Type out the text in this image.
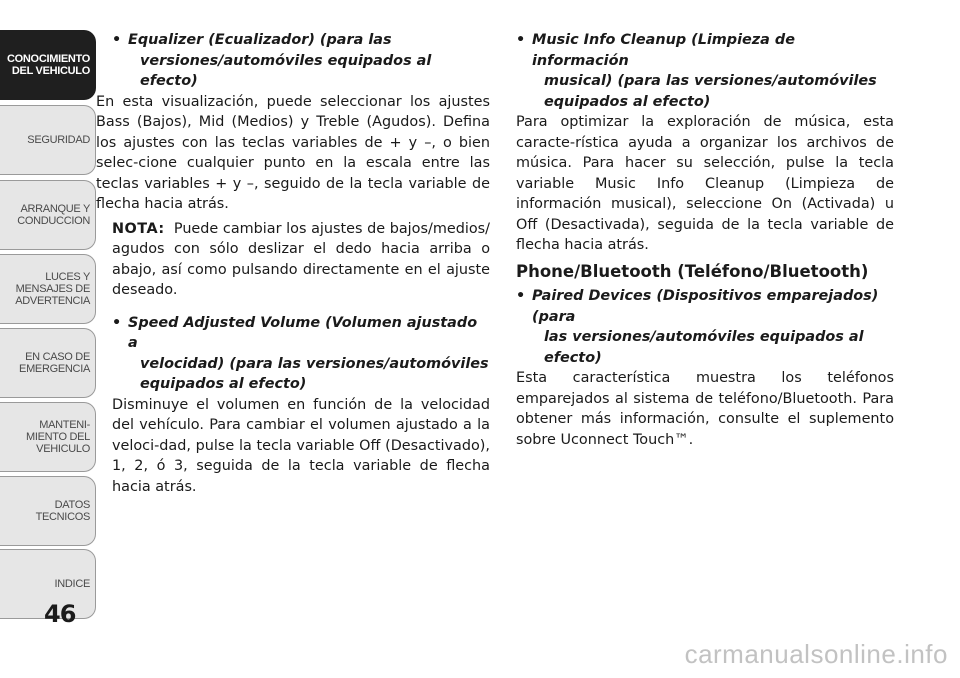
CONOCIMIENTO
DEL VEHICULO
SEGURIDAD
ARRANQUE Y
CONDUCCION
LUCES Y
MENSAJES DE
ADVERTENCIA
EN CASO DE
EMERGENCIA
MANTENI-
MIENTO DEL
VEHICULO
DATOS
TECNICOS
INDICE
46
• Equalizer (Ecualizador) (para las
versiones/automóviles equipados al efecto)

En esta visualización, puede seleccionar los ajustes Bass (Bajos), Mid (Medios) y Treble (Agudos). Defina los ajustes con las teclas variables de + y –, o bien selec-cione cualquier punto en la escala entre las teclas variables + y –, seguido de la tecla variable de flecha hacia atrás.

NOTA: Puede cambiar los ajustes de bajos/medios/ agudos con sólo deslizar el dedo hacia arriba o abajo, así como pulsando directamente en el ajuste deseado.

• Speed Adjusted Volume (Volumen ajustado a
velocidad) (para las versiones/automóviles
equipados al efecto)

Disminuye el volumen en función de la velocidad del vehículo. Para cambiar el volumen ajustado a la veloci-dad, pulse la tecla variable Off (Desactivado), 1, 2, ó 3, seguida de la tecla variable de flecha hacia atrás.

• Music Info Cleanup (Limpieza de información
musical) (para las versiones/automóviles
equipados al efecto)

Para optimizar la exploración de música, esta caracte-rística ayuda a organizar los archivos de música. Para hacer su selección, pulse la tecla variable Music Info Cleanup (Limpieza de información musical), seleccione On (Activada) u Off (Desactivada), seguida de la tecla variable de flecha hacia atrás.

Phone/Bluetooth (Teléfono/Bluetooth)
• Paired Devices (Dispositivos emparejados) (para
las versiones/automóviles equipados al efecto)

Esta característica muestra los teléfonos emparejados al sistema de teléfono/Bluetooth. Para obtener más información, consulte el suplemento sobre Uconnect Touch™.

carmanualsonline.info
